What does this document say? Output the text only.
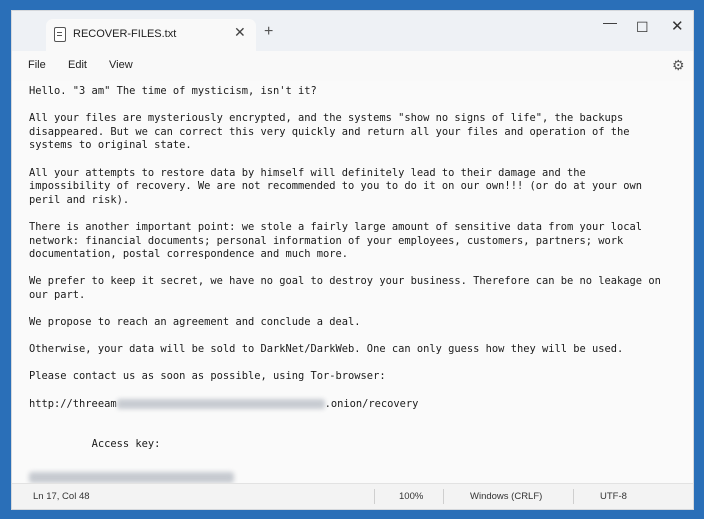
RECOVER-FILES.txt	✕ +
— ☐ ✕
File Edit View	⚙

Hello. "3 am" The time of mysticism, isn't it?

All your files are mysteriously encrypted, and the systems "show no signs of life", the backups
disappeared. But we can correct this very quickly and return all your files and operation of the
systems to original state.

All your attempts to restore data by himself will definitely lead to their damage and the
impossibility of recovery. We are not recommended to you to do it on our own!!! (or do at your own
peril and risk).

There is another important point: we stole a fairly large amount of sensitive data from your local
network: financial documents; personal information of your employees, customers, partners; work
documentation, postal correspondence and much more.

We prefer to keep it secret, we have no goal to destroy your business. Therefore can be no leakage on
our part.

We propose to reach an agreement and conclude a deal.

Otherwise, your data will be sold to DarkNet/DarkWeb. One can only guess how they will be used.

Please contact us as soon as possible, using Tor-browser:

http://threeam	.onion/recovery

Access key:

Ln 17, Col 48	100%	Windows (CRLF)	UTF-8
